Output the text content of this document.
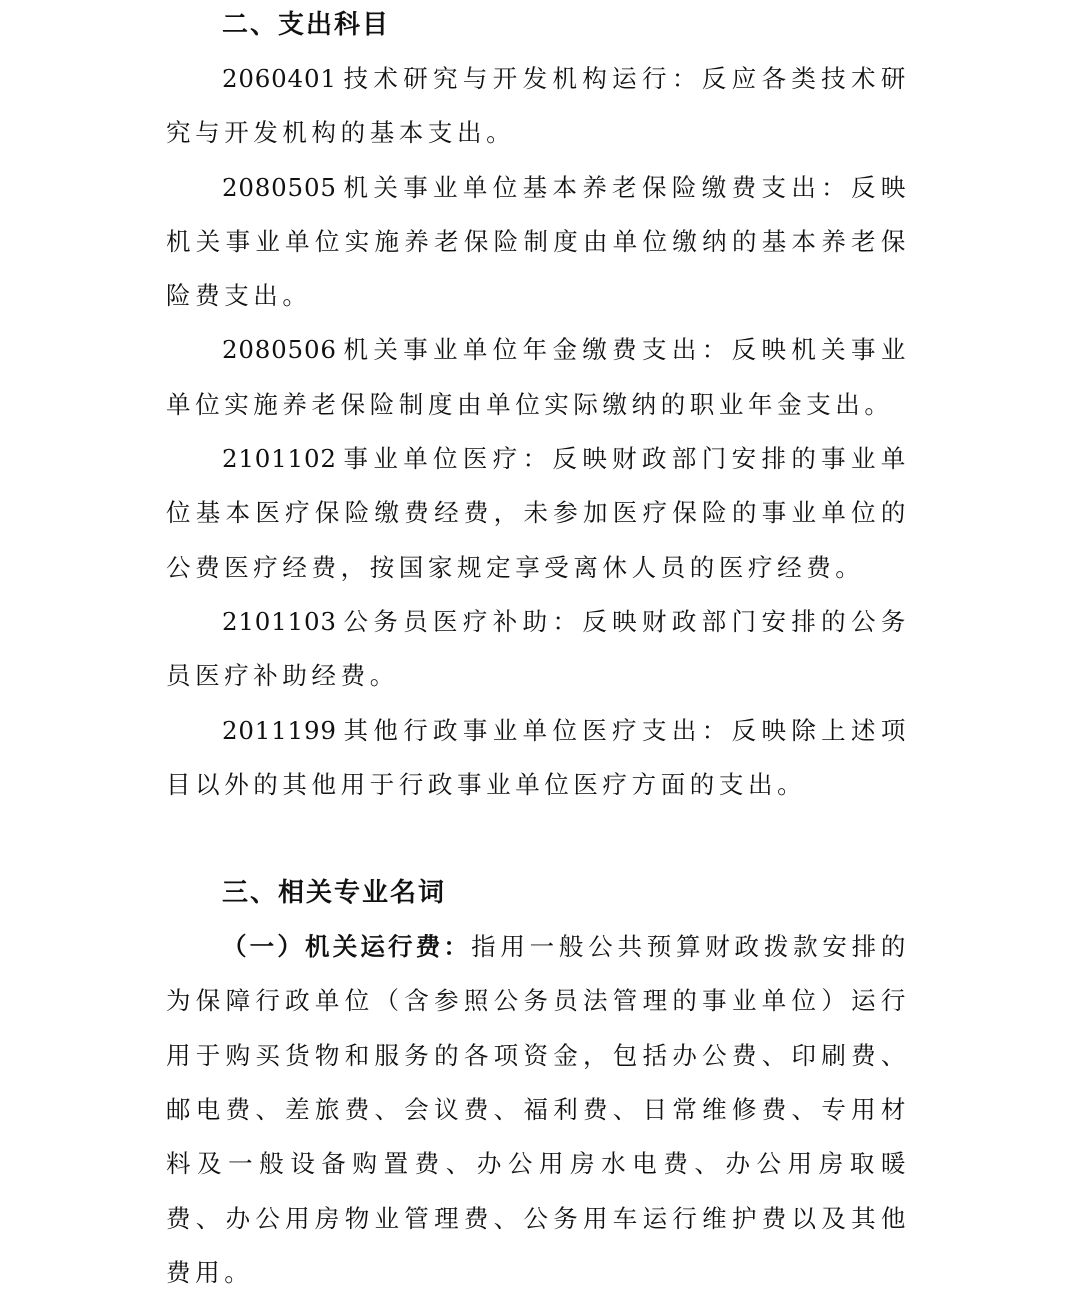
二、支出科目

2060401 技术研究与开发机构运行：反应各类技术研究与开发机构的基本支出。

2080505 机关事业单位基本养老保险缴费支出：反映机关事业单位实施养老保险制度由单位缴纳的基本养老保险费支出。

2080506 机关事业单位年金缴费支出：反映机关事业单位实施养老保险制度由单位实际缴纳的职业年金支出。

2101102 事业单位医疗：反映财政部门安排的事业单位基本医疗保险缴费经费，未参加医疗保险的事业单位的公费医疗经费，按国家规定享受离休人员的医疗经费。

2101103 公务员医疗补助：反映财政部门安排的公务员医疗补助经费。

2011199 其他行政事业单位医疗支出：反映除上述项目以外的其他用于行政事业单位医疗方面的支出。

三、相关专业名词

（一）机关运行费：指用一般公共预算财政拨款安排的为保障行政单位（含参照公务员法管理的事业单位）运行用于购买货物和服务的各项资金，包括办公费、印刷费、邮电费、差旅费、会议费、福利费、日常维修费、专用材料及一般设备购置费、办公用房水电费、办公用房取暖费、办公用房物业管理费、公务用车运行维护费以及其他费用。
